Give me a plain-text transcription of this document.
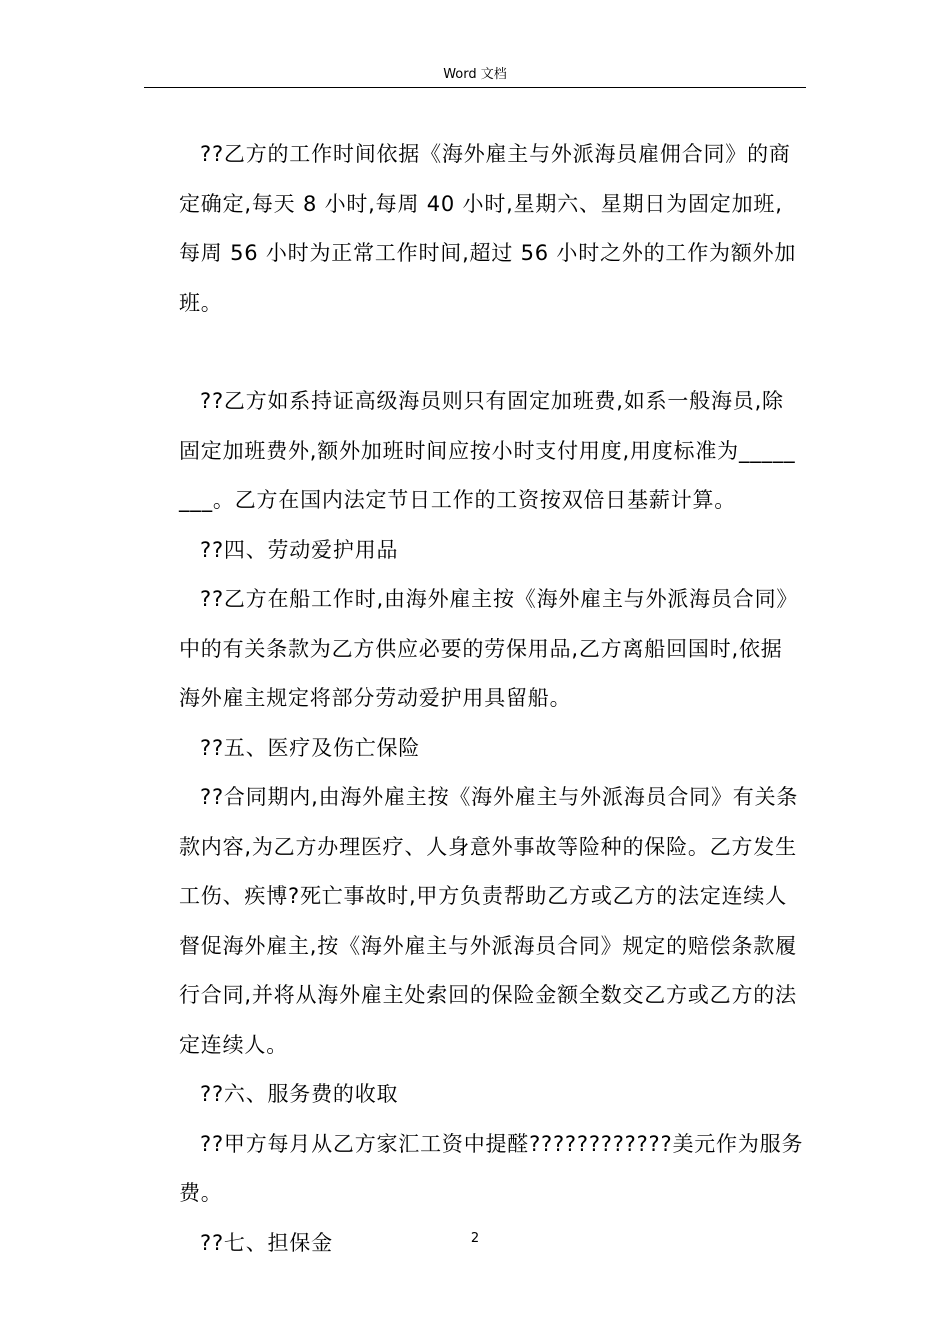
Word 文档

??乙方的工作时间依据《海外雇主与外派海员雇佣合同》的商定确定,每天 8 小时,每周 40 小时,星期六、星期日为固定加班,每周 56 小时为正常工作时间,超过 56 小时之外的工作为额外加班。

??乙方如系持证高级海员则只有固定加班费,如系一般海员,除固定加班费外,额外加班时间应按小时支付用度,用度标准为________。乙方在国内法定节日工作的工资按双倍日基薪计算。

??四、劳动爱护用品

??乙方在船工作时,由海外雇主按《海外雇主与外派海员合同》中的有关条款为乙方供应必要的劳保用品,乙方离船回国时,依据海外雇主规定将部分劳动爱护用具留船。

??五、医疗及伤亡保险

??合同期内,由海外雇主按《海外雇主与外派海员合同》有关条款内容,为乙方办理医疗、人身意外事故等险种的保险。乙方发生工伤、疾博?死亡事故时,甲方负责帮助乙方或乙方的法定连续人督促海外雇主,按《海外雇主与外派海员合同》规定的赔偿条款履行合同,并将从海外雇主处索回的保险金额全数交乙方或乙方的法定连续人。

??六、服务费的收取

??甲方每月从乙方家汇工资中提醛????????????美元作为服务费。

??七、担保金	2
